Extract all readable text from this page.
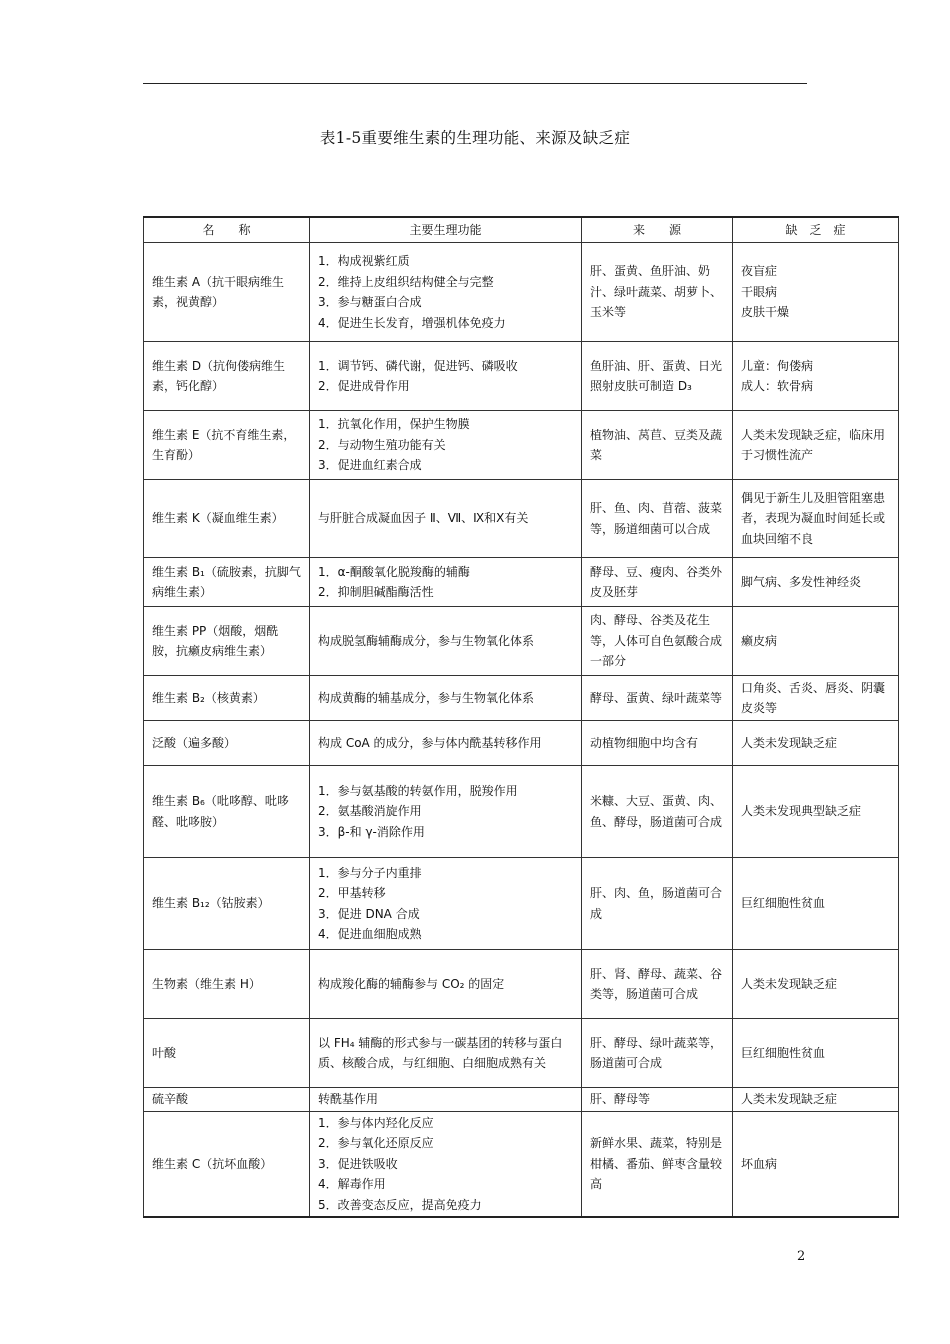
表1-5重要维生素的生理功能、来源及缺乏症
名　　称	主要生理功能	来　　源	缺　乏　症
维生素 A（抗干眼病维生素，视黄醇）	1．构成视紫红质
2．维持上皮组织结构健全与完整
3．参与糖蛋白合成
4．促进生长发育，增强机体免疫力	肝、蛋黄、鱼肝油、奶汁、绿叶蔬菜、胡萝卜、玉米等	夜盲症
干眼病
皮肤干燥

维生素 D（抗佝偻病维生素，钙化醇）	1．调节钙、磷代谢，促进钙、磷吸收
2．促进成骨作用	鱼肝油、肝、蛋黄、日光照射皮肤可制造 D₃	儿童：佝偻病
成人：软骨病

维生素 E（抗不育维生素，生育酚）	1．抗氧化作用，保护生物膜
2．与动物生殖功能有关
3．促进血红素合成	植物油、莴苣、豆类及蔬菜	人类未发现缺乏症，临床用于习惯性流产

维生素 K（凝血维生素）	与肝脏合成凝血因子 Ⅱ、Ⅶ、Ⅸ和Ⅹ有关	肝、鱼、肉、苜蓿、菠菜等，肠道细菌可以合成	偶见于新生儿及胆管阻塞患者，表现为凝血时间延长或血块回缩不良

维生素 B₁（硫胺素，抗脚气病维生素）	1．α-酮酸氧化脱羧酶的辅酶
2．抑制胆碱酯酶活性	酵母、豆、瘦肉、谷类外皮及胚芽	脚气病、多发性神经炎

维生素 PP（烟酸，烟酰胺，抗癞皮病维生素）	构成脱氢酶辅酶成分，参与生物氧化体系	肉、酵母、谷类及花生等，人体可自色氨酸合成一部分	癞皮病

维生素 B₂（核黄素）	构成黄酶的辅基成分，参与生物氧化体系	酵母、蛋黄、绿叶蔬菜等	口角炎、舌炎、唇炎、阴囊皮炎等

泛酸（遍多酸）	构成 CoA 的成分，参与体内酰基转移作用	动植物细胞中均含有	人类未发现缺乏症

维生素 B₆（吡哆醇、吡哆醛、吡哆胺）	1．参与氨基酸的转氨作用，脱羧作用
2．氨基酸消旋作用
3．β-和 γ-消除作用	米糠、大豆、蛋黄、肉、鱼、酵母，肠道菌可合成	人类未发现典型缺乏症

维生素 B₁₂（钴胺素）	1．参与分子内重排
2．甲基转移
3．促进 DNA 合成
4．促进血细胞成熟	肝、肉、鱼，肠道菌可合成	巨红细胞性贫血

生物素（维生素 H）	构成羧化酶的辅酶参与 CO₂ 的固定	肝、肾、酵母、蔬菜、谷类等，肠道菌可合成	人类未发现缺乏症

叶酸	以 FH₄ 辅酶的形式参与一碳基团的转移与蛋白质、核酸合成，与红细胞、白细胞成熟有关	肝、酵母、绿叶蔬菜等，肠道菌可合成	巨红细胞性贫血

硫辛酸	转酰基作用	肝、酵母等	人类未发现缺乏症

维生素 C（抗坏血酸）	1．参与体内羟化反应
2．参与氧化还原反应
3．促进铁吸收
4．解毒作用
5．改善变态反应，提高免疫力	新鲜水果、蔬菜，特别是柑橘、番茄、鲜枣含量较高	坏血病
2
